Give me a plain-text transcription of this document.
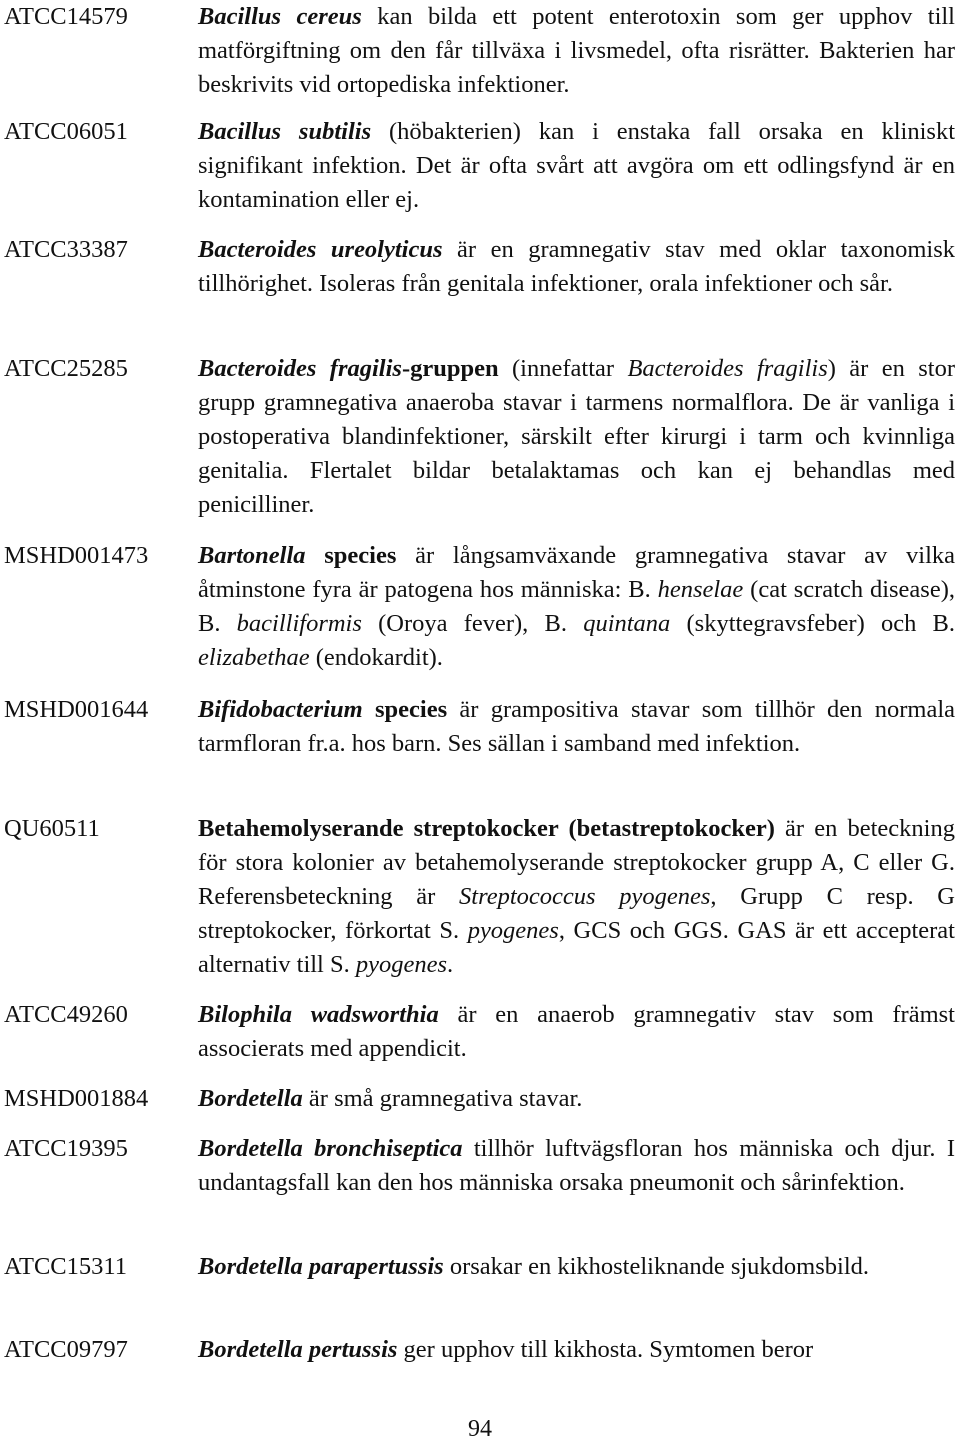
ATCC14579	Bacillus cereus kan bilda ett potent enterotoxin som ger upphov till matförgiftning om den får tillväxa i livsmedel, ofta risrätter. Bakterien har beskrivits vid ortopediska infektioner.

ATCC06051	Bacillus subtilis (höbakterien) kan i enstaka fall orsaka en kliniskt signifikant infektion. Det är ofta svårt att avgöra om ett odlingsfynd är en kontamination eller ej.

ATCC33387	Bacteroides ureolyticus är en gramnegativ stav med oklar taxonomisk tillhörighet. Isoleras från genitala infektioner, orala infektioner och sår.

ATCC25285	Bacteroides fragilis-gruppen (innefattar Bacteroides fragilis) är en stor grupp gramnegativa anaeroba stavar i tarmens normalflora. De är vanliga i postoperativa blandinfektioner, särskilt efter kirurgi i tarm och kvinnliga genitalia. Flertalet bildar betalaktamas och kan ej behandlas med penicilliner.

MSHD001473 Bartonella species är långsamväxande gramnegativa stavar av vilka åtminstone fyra är patogena hos människa: B. henselae (cat scratch disease), B. bacilliformis (Oroya fever), B. quintana (skyttegravsfeber) och B. elizabethae (endokardit).

MSHD001644 Bifidobacterium species är grampositiva stavar som tillhör den normala tarmfloran fr.a. hos barn. Ses sällan i samband med infektion.

QU60511	Betahemolyserande streptokocker (betastreptokocker) är en beteckning för stora kolonier av betahemolyserande streptokocker grupp A, C eller G. Referensbeteckning är Streptococcus pyogenes, Grupp C resp. G streptokocker, förkortat S. pyogenes, GCS och GGS. GAS är ett accepterat alternativ till S. pyogenes.

ATCC49260	Bilophila wadsworthia är en anaerob gramnegativ stav som främst associerats med appendicit.

MSHD001884 Bordetella är små gramnegativa stavar.

ATCC19395	Bordetella bronchiseptica tillhör luftvägsfloran hos människa och djur. I undantagsfall kan den hos människa orsaka pneumonit och sårinfektion.

ATCC15311	Bordetella parapertussis orsakar en kikhosteliknande sjukdomsbild.

ATCC09797	Bordetella pertussis ger upphov till kikhosta. Symtomen beror

94
